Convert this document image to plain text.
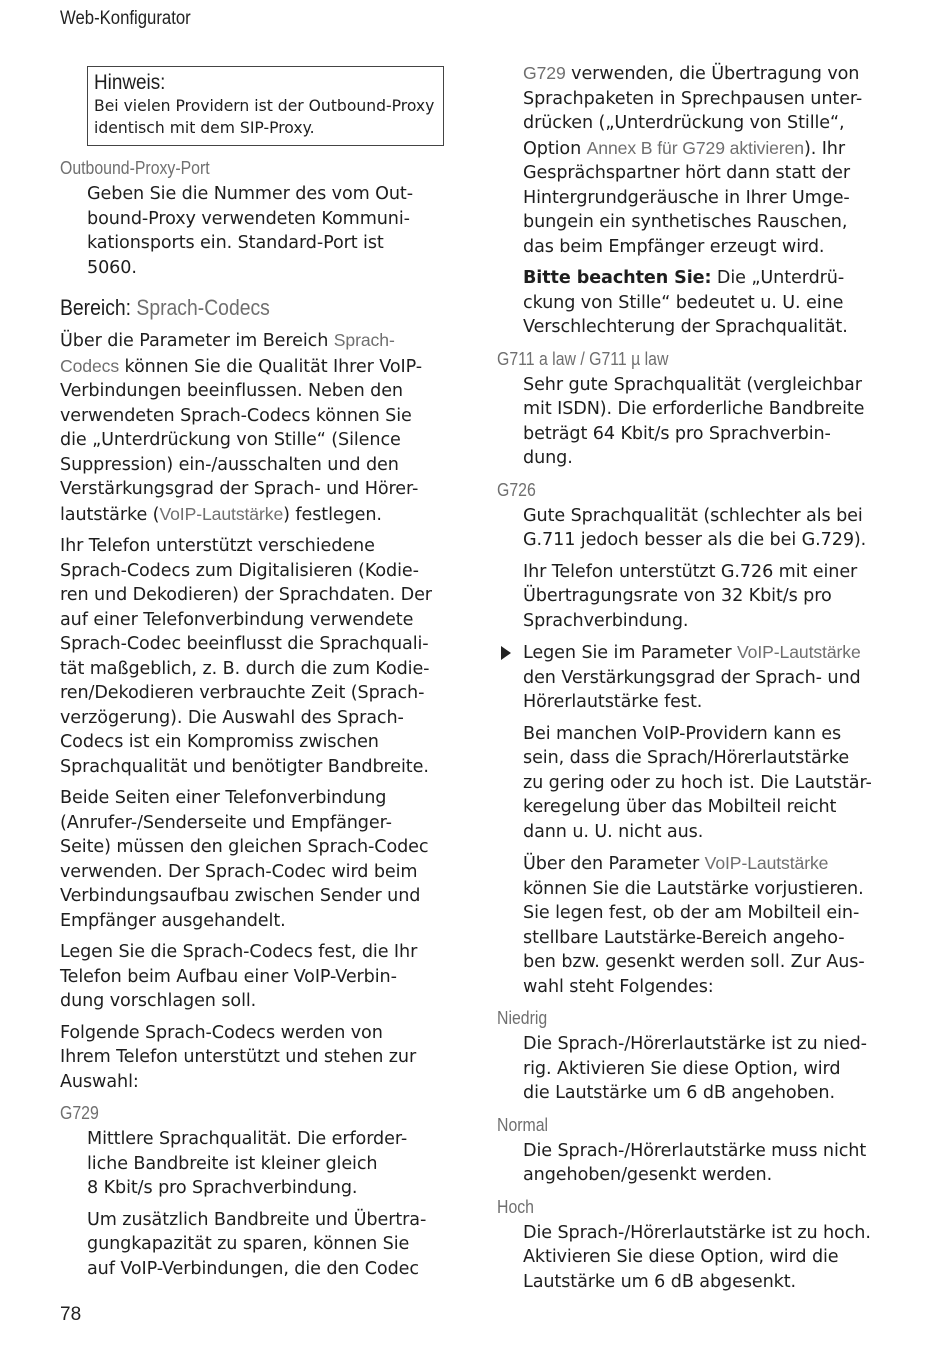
Web-Konfigurator
Hinweis:
Bei vielen Providern ist der Outbound-Proxy
identisch mit dem SIP-Proxy.
Outbound-Proxy-Port

Geben Sie die Nummer des vom Out-
bound-Proxy verwendeten Kommuni-
kationsports ein. Standard-Port ist
5060.

Bereich: Sprach-Codecs

Über die Parameter im Bereich Sprach-
Codecs können Sie die Qualität Ihrer VoIP-
Verbindungen beeinflussen. Neben den
verwendeten Sprach-Codecs können Sie
die „Unterdrückung von Stille“ (Silence
Suppression) ein-/ausschalten und den
Verstärkungsgrad der Sprach- und Hörer-
lautstärke (VoIP-Lautstärke) festlegen.

Ihr Telefon unterstützt verschiedene
Sprach-Codecs zum Digitalisieren (Kodie-
ren und Dekodieren) der Sprachdaten. Der
auf einer Telefonverbindung verwendete
Sprach-Codec beeinflusst die Sprachquali-
tät maßgeblich, z. B. durch die zum Kodie-
ren/Dekodieren verbrauchte Zeit (Sprach-
verzögerung). Die Auswahl des Sprach-
Codecs ist ein Kompromiss zwischen
Sprachqualität und benötigter Bandbreite.

Beide Seiten einer Telefonverbindung
(Anrufer-/Senderseite und Empfänger-
Seite) müssen den gleichen Sprach-Codec
verwenden. Der Sprach-Codec wird beim
Verbindungsaufbau zwischen Sender und
Empfänger ausgehandelt.

Legen Sie die Sprach-Codecs fest, die Ihr
Telefon beim Aufbau einer VoIP-Verbin-
dung vorschlagen soll.

Folgende Sprach-Codecs werden von
Ihrem Telefon unterstützt und stehen zur
Auswahl:

G729

Mittlere Sprachqualität. Die erforder-
liche Bandbreite ist kleiner gleich
8 Kbit/s pro Sprachverbindung.

Um zusätzlich Bandbreite und Übertra-
gungkapazität zu sparen, können Sie
auf VoIP-Verbindungen, die den Codec

G729 verwenden, die Übertragung von
Sprachpaketen in Sprechpausen unter-
drücken („Unterdrückung von Stille“,
Option Annex B für G729 aktivieren). Ihr
Gesprächspartner hört dann statt der
Hintergrundgeräusche in Ihrer Umge-
bungein ein synthetisches Rauschen,
das beim Empfänger erzeugt wird.

Bitte beachten Sie: Die „Unterdrü-
ckung von Stille“ bedeutet u. U. eine
Verschlechterung der Sprachqualität.

G711 a law / G711 µ law

Sehr gute Sprachqualität (vergleichbar
mit ISDN). Die erforderliche Bandbreite
beträgt 64 Kbit/s pro Sprachverbin-
dung.

G726

Gute Sprachqualität (schlechter als bei
G.711 jedoch besser als die bei G.729).

Ihr Telefon unterstützt G.726 mit einer
Übertragungsrate von 32 Kbit/s pro
Sprachverbindung.

Legen Sie im Parameter VoIP-Lautstärke
den Verstärkungsgrad der Sprach- und
Hörerlautstärke fest.

Bei manchen VoIP-Providern kann es
sein, dass die Sprach/Hörerlautstärke
zu gering oder zu hoch ist. Die Lautstär-
keregelung über das Mobilteil reicht
dann u. U. nicht aus.

Über den Parameter VoIP-Lautstärke
können Sie die Lautstärke vorjustieren.
Sie legen fest, ob der am Mobilteil ein-
stellbare Lautstärke-Bereich angeho-
ben bzw. gesenkt werden soll. Zur Aus-
wahl steht Folgendes:

Niedrig

Die Sprach-/Hörerlautstärke ist zu nied-
rig. Aktivieren Sie diese Option, wird
die Lautstärke um 6 dB angehoben.

Normal

Die Sprach-/Hörerlautstärke muss nicht
angehoben/gesenkt werden.

Hoch

Die Sprach-/Hörerlautstärke ist zu hoch.
Aktivieren Sie diese Option, wird die
Lautstärke um 6 dB abgesenkt.

78
